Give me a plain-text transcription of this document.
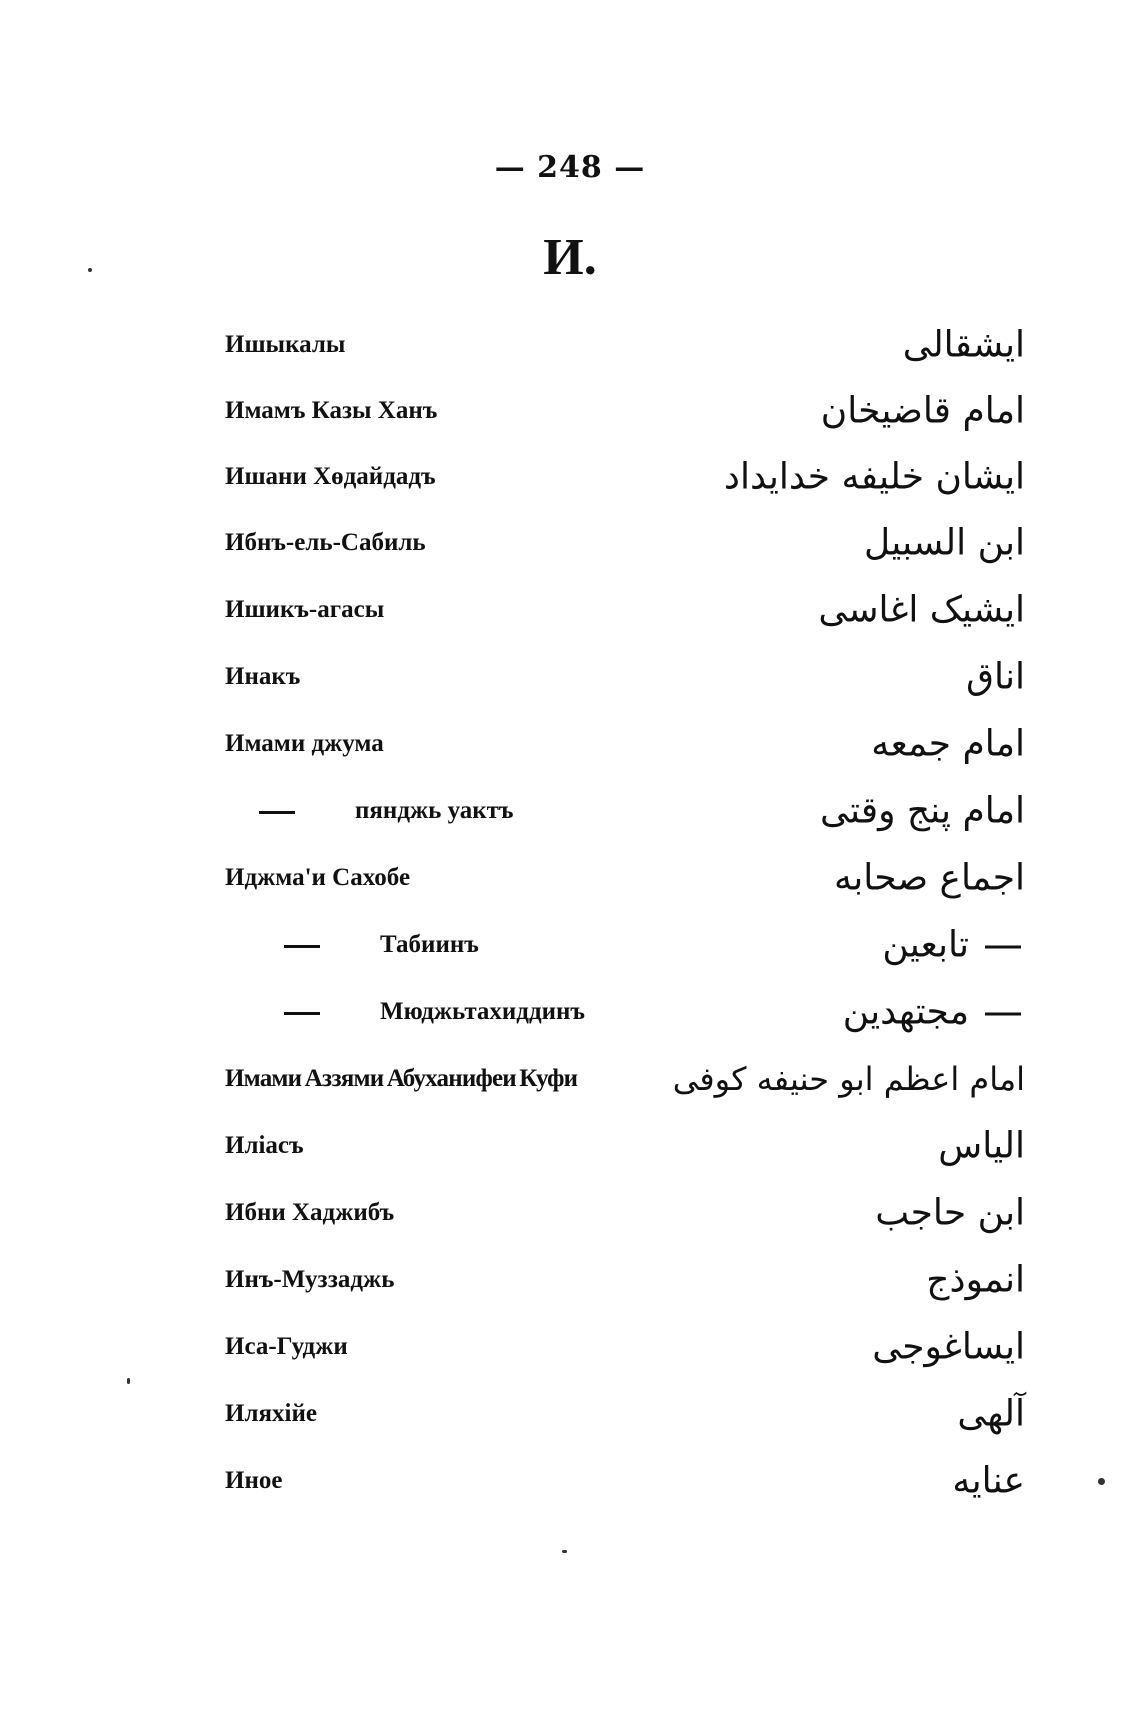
— 248 —
И.
Ишыкалы	ایشقالی
Имамъ Казы Ханъ	امام قاضیخان
Ишани Хөдайдадъ	ایشان خلیفه خدایداد
Ибнъ-ель-Сабиль	ابن السبیل
Ишикъ-агасы	ایشیک اغاسی
Инакъ	اناق
Имами джума	امام جمعه
пянджь уактъ	امام پنج وقتی
Иджма'и Сахобе	اجماع صحابه
Табиинъ	تابعین
Мюджьтахиддинъ	مجتهدین
Имами Аззями Абуханифеи Куфи	امام اعظم ابو حنیفه کوفی
Иліасъ	الیاس
Ибни Хаджибъ	ابن حاجب
Инъ-Муззаджь	انموذج
Иса-Гуджи	ایساغوجی
Иляхійе	آلهی
Иное	عنایه
